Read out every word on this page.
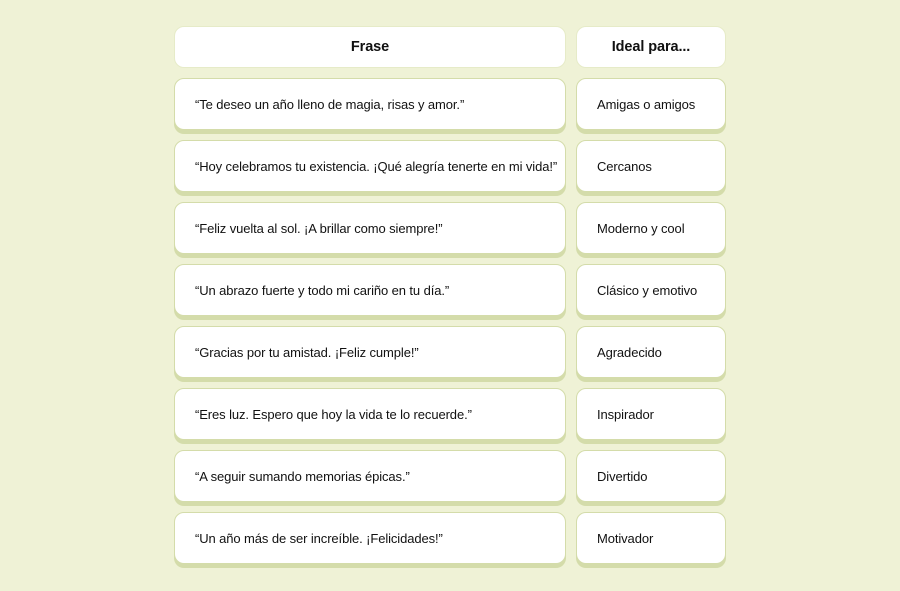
Frase	Ideal para...
“Te deseo un año lleno de magia, risas y amor.”	Amigas o amigos
“Hoy celebramos tu existencia. ¡Qué alegría tenerte en mi vida!”	Cercanos
“Feliz vuelta al sol. ¡A brillar como siempre!”	Moderno y cool
“Un abrazo fuerte y todo mi cariño en tu día.”	Clásico y emotivo
“Gracias por tu amistad. ¡Feliz cumple!”	Agradecido
“Eres luz. Espero que hoy la vida te lo recuerde.”	Inspirador
“A seguir sumando memorias épicas.”	Divertido
“Un año más de ser increíble. ¡Felicidades!”	Motivador
